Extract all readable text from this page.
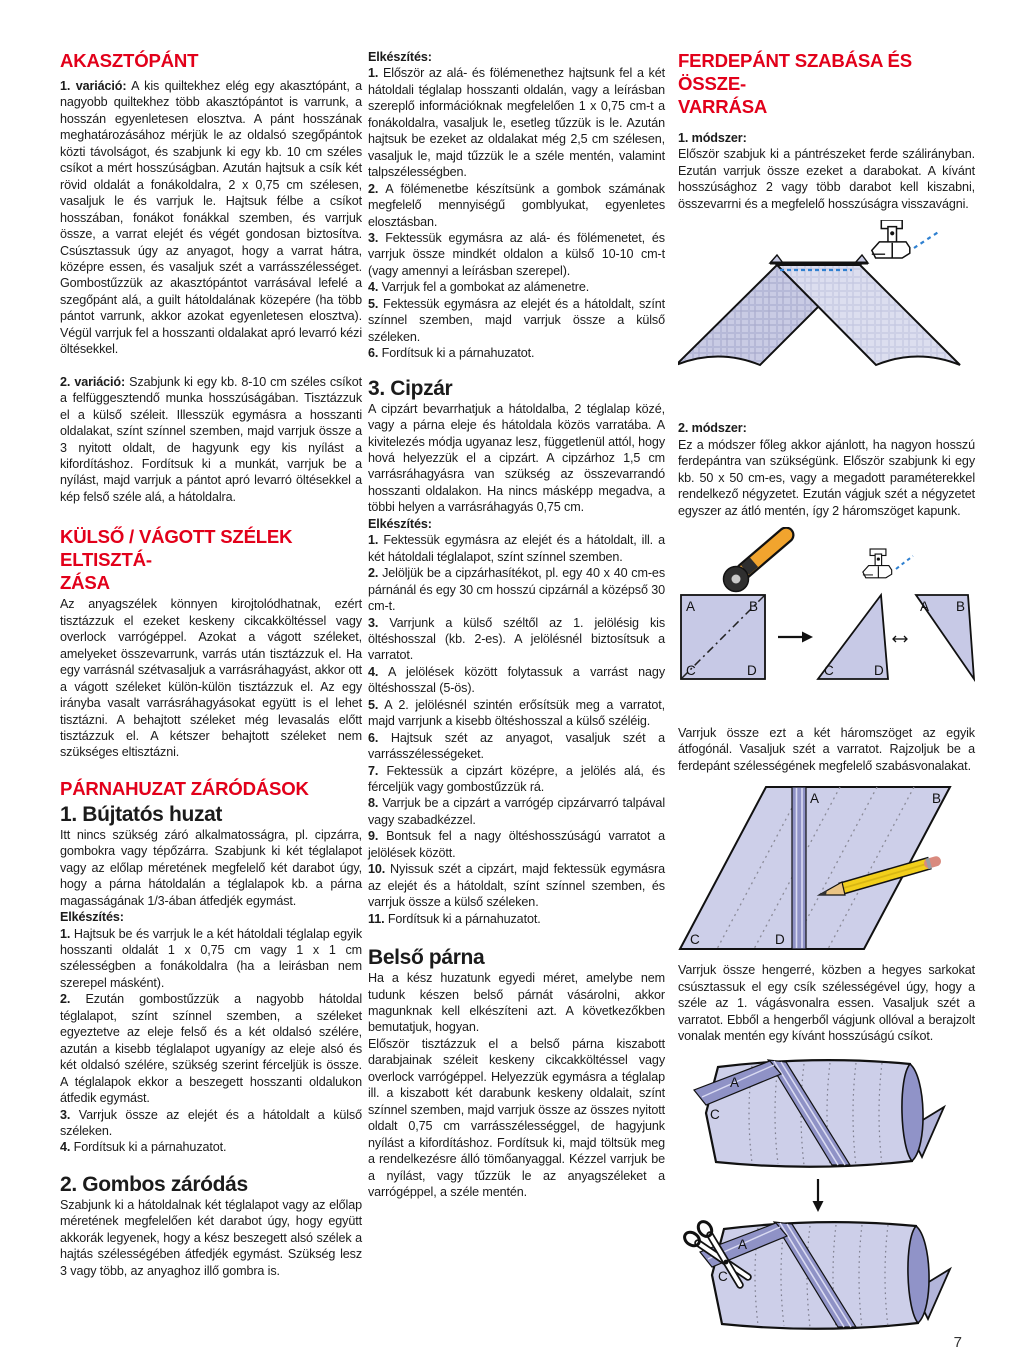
AKASZTÓPÁNT

1. variáció: A kis quiltekhez elég egy akasztópánt, a nagyobb quiltekhez több akasztópántot is varrunk, a hosszán egyenletesen elosztva. A pánt hosszának meghatározásához mérjük le az oldalsó szegőpántok közti távolságot, és szabjunk ki egy kb. 10 cm széles csíkot a mért hosszúságban. Azután hajtsuk a csík két rövid oldalát a fonákoldalra, 2 x 0,75 cm szélesen, vasaljuk le és varrjuk le. Hajtsuk félbe a csíkot hosszában, fonákot fonákkal szemben, és varrjuk össze, a varrat elejét és végét gondosan biztosítva. Csúsztassuk úgy az anyagot, hogy a varrat hátra, középre essen, és vasaljuk szét a varrásszélességet. Gombostűzzük az akasztópántot varrásával lefelé a szegőpánt alá, a guilt hátoldalának közepére (ha több pántot varrunk, akkor azokat egyenletesen elosztva). Végül varrjuk fel a hosszanti oldalakat apró levarró kézi öltésekkel.

2. variáció: Szabjunk ki egy kb. 8-10 cm széles csíkot a felfüggesztendő munka hosszúságában. Tisztázzuk el a külső széleit. Illesszük egymásra a hosszanti oldalakat, színt színnel szemben, majd varrjuk össze a 3 nyitott oldalt, de hagyunk egy kis nyílást a kifordításhoz. Fordítsuk ki a munkát, varrjuk be a nyílást, majd varrjuk a pántot apró levarró öltésekkel a kép felső széle alá, a hátoldalra.

KÜLSŐ / VÁGOTT SZÉLEK ELTISZTÁ-
ZÁSA

Az anyagszélek könnyen kirojtolódhatnak, ezért tisztázzuk el ezeket keskeny cikcakköltéssel vagy overlock varrógéppel. Azokat a vágott széleket, amelyeket összevarrunk, varrás után tisztázzuk el. Ha egy varrásnál szétvasaljuk a varrásráhagyást, akkor ott a vágott széleket külön-külön tisztázzuk el. Az egy irányba vasalt varrásráhagyásokat együtt is el lehet tisztázni. A behajtott széleket még levasalás előtt tisztázzuk el. A kétszer behajtott széleket nem szükséges eltisztázni.

PÁRNAHUZAT ZÁRÓDÁSOK
1. Bújtatós huzat

Itt nincs szükség záró alkalmatosságra, pl. cipzárra, gombokra vagy tépőzárra. Szabjunk ki két téglalapot vagy az előlap méretének megfelelő két darabot úgy, hogy a párna hátoldalán a téglalapok kb. a párna magasságának 1/3-ában átfedjék egymást.

Elkészítés:

1. Hajtsuk be és varrjuk le a két hátoldali téglalap egyik hosszanti oldalát 1 x 0,75 cm vagy 1 x 1 cm szélességben a fonákoldalra (ha a leirásban nem szerepel másként).

2. Ezután gombostűzzük a nagyobb hátoldal téglalapot, színt színnel szemben, a széleket egyeztetve az eleje felső és a két oldalsó szélére, azután a kisebb téglalapot ugyanígy az eleje alsó és két oldalsó szélére, szükség szerint férceljük is össze. A téglalapok ekkor a beszegett hosszanti oldalukon átfedik egymást.

3. Varrjuk össze az elejét és a hátoldalt a külső széleken.

4. Fordítsuk ki a párnahuzatot.

2. Gombos záródás

Szabjunk ki a hátoldalnak két téglalapot vagy az előlap méretének megfelelően két darabot úgy, hogy együtt akkorák legyenek, hogy a kész beszegett alsó szélek a hajtás szélességében átfedjék egymást. Szükség lesz 3 vagy több, az anyaghoz illő gombra is.

Elkészítés:

1. Először az alá- és fölémenethez hajtsunk fel a két hátoldali téglalap hosszanti oldalán, vagy a leírásban szereplő információknak megfelelően 1 x 0,75 cm-t a fonákoldalra, vasaljuk le, esetleg tűzzük is le. Azután hajtsuk be ezeket az oldalakat még 2,5 cm szélesen, vasaljuk le, majd tűzzük le a széle mentén, valamint talpszélességben.

2. A fölémenetbe készítsünk a gombok számának megfelelő mennyiségű gomblyukat, egyenletes elosztásban.

3. Fektessük egymásra az alá- és fölémenetet, és varrjuk össze mindkét oldalon a külső 10-10 cm-t (vagy amennyi a leírásban szerepel).

4. Varrjuk fel a gombokat az alámenetre.

5. Fektessük egymásra az elejét és a hátoldalt, színt színnel szemben, majd varrjuk össze a külső széleken.

6. Fordítsuk ki a párnahuzatot.

3. Cipzár

A cipzárt bevarrhatjuk a hátoldalba, 2 téglalap közé, vagy a párna eleje és hátoldala közös varratába. A kivitelezés módja ugyanaz lesz, függetlenül attól, hogy hová helyezzük el a cipzárt. A cipzárhoz 1,5 cm varrásráhagyásra van szükség az összevarrandó hosszanti oldalakon. Ha nincs másképp megadva, a többi helyen a varrásráhagyás 0,75 cm.

Elkészítés:

1. Fektessük egymásra az elejét és a hátoldalt, ill. a két hátoldali téglalapot, színt színnel szemben.

2. Jelöljük be a cipzárhasítékot, pl. egy 40 x 40 cm-es párnánál és egy 30 cm hosszú cipzárnál a középső 30 cm-t.

3. Varrjunk a külső széltől az 1. jelölésig kis öltéshosszal (kb. 2-es). A jelölésnél biztosítsuk a varratot.

4. A jelölések között folytassuk a varrást nagy öltéshosszal (5-ös).

5. A 2. jelölésnél szintén erősítsük meg a varratot, majd varrjunk a kisebb öltéshosszal a külső széléig.

6. Hajtsuk szét az anyagot, vasaljuk szét a varrásszélességeket.

7. Fektessük a cipzárt középre, a jelölés alá, és férceljük vagy gombostűzzük rá.

8. Varrjuk be a cipzárt a varrógép cipzárvarró talpával vagy szabadkézzel.

9. Bontsuk fel a nagy öltéshosszúságú varratot a jelölések között.

10. Nyissuk szét a cipzárt, majd fektessük egymásra az elejét és a hátoldalt, színt színnel szemben, és varrjuk össze a külső széleken.

11. Fordítsuk ki a párnahuzatot.

Belső párna

Ha a kész huzatunk egyedi méret, amelybe nem tudunk készen belső párnát vásárolni, akkor magunknak kell elkészíteni azt. A következőkben bemutatjuk, hogyan.

Először tisztázzuk el a belső párna kiszabott darabjainak széleit keskeny cikcakköltéssel vagy overlock varrógéppel. Helyezzük egymásra a téglalap ill. a kiszabott két darabunk keskeny oldalait, színt színnel szemben, majd varrjuk össze az összes nyitott oldalt 0,75 cm varrásszélességgel, de hagyjunk nyílást a kifordításhoz. Fordítsuk ki, majd töltsük meg a rendelkezésre álló tömőanyaggal. Kézzel varrjuk be a nyílást, vagy tűzzük le az anyagszéleket a varrógéppel, a széle mentén.

FERDEPÁNT SZABÁSA ÉS ÖSSZE-
VARRÁSA

1. módszer:

Először szabjuk ki a pántrészeket ferde szálirányban. Ezután varrjuk össze ezeket a darabokat. A kívánt hosszúsághoz 2 vagy több darabot kell kiszabni, összevarrni és a megfelelő hosszúságra visszavágni.

2. módszer:

Ez a módszer főleg akkor ajánlott, ha nagyon hosszú ferdepántra van szükségünk. Először szabjunk ki egy kb. 50 x 50 cm-es, vagy a megadott paraméterekkel rendelkező négyzetet. Ezután vágjuk szét a négyzetet egyszer az átló mentén, így 2 háromszöget kapunk.

A	B
C	D	C	D
A B

Varrjuk össze ezt a két háromszöget az egyik átfogónál. Vasaljuk szét a varratot. Rajzoljuk be a ferdepánt szélességének megfelelő szabásvonalakat.

A	B
C	D

Varrjuk össze hengerré, közben a hegyes sarkokat csúsztassuk el egy csík szélességével úgy, hogy a széle az 1. vágásvonalra essen. Vasaljuk szét a varratot. Ebből a hengerből vágjunk ollóval a berajzolt vonalak mentén egy kívánt hosszúságú csíkot.

A
C
A
C
7
